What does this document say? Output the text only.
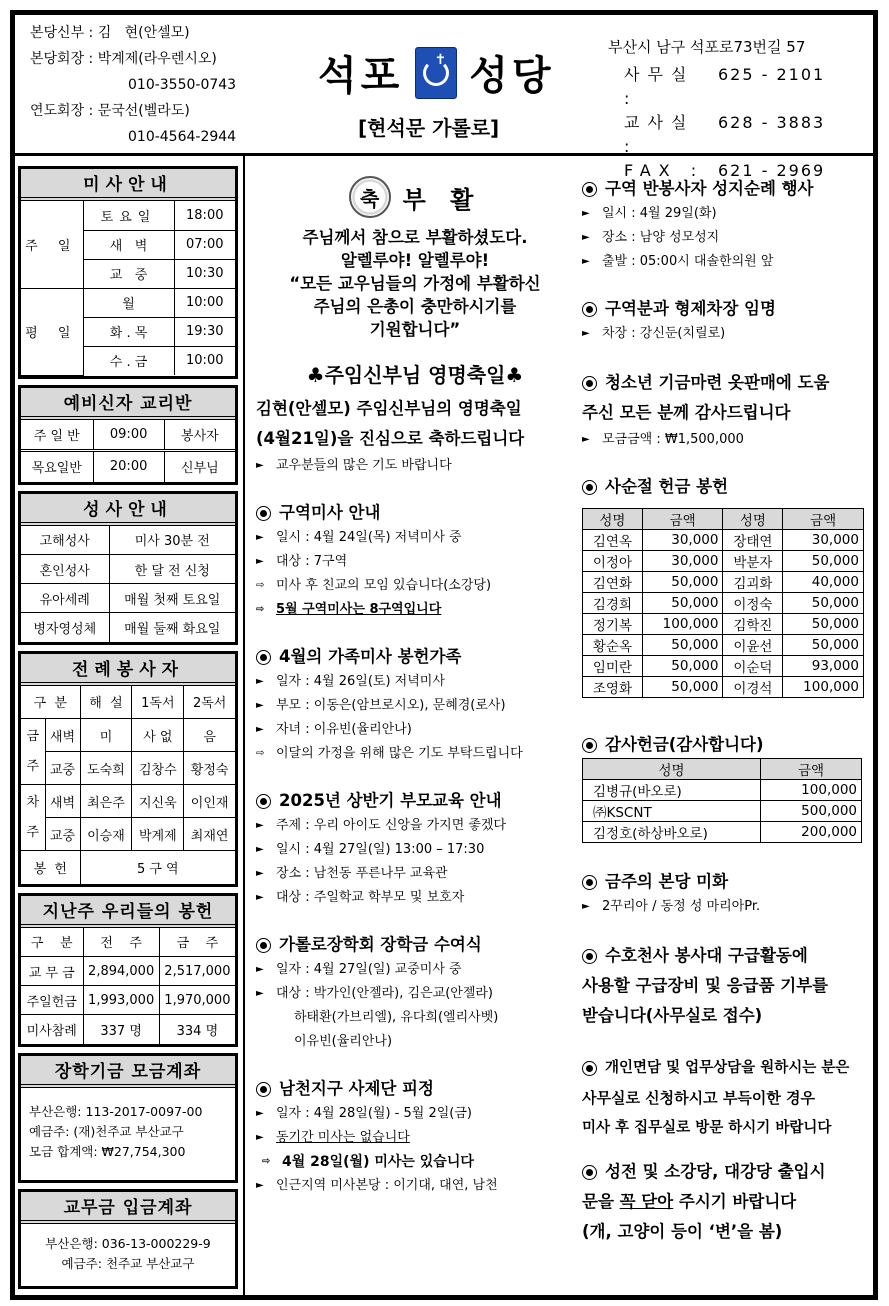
본당신부 : 김   현(안셀모)
본당회장 : 박계제(라우렌시오)
010-3550-0743
연도회장 : 문국선(벨라도)
010-4564-2944
석포 ✝ 성당
[현석문 가롤로]
부산시 남구 석포로73번길 57
사무실 :
625 - 2101
교사실 :
628 - 3883
FAX : 621 - 2969
미사안내
주 일	토요일	18:00
	새   벽	07:00
	교   중	10:30
평 일	월	10:00
	화 . 목	19:30
	수 . 금	10:00
예비신자 교리반
주 일 반	09:00	봉사자
목요일반	20:00	신부님
성사안내
고해성사	미사 30분 전
혼인성사	한 달 전 신청
유아세례	매월 첫째 토요일
병자영성체	매월 둘째 화요일
전례봉사자
구  분		해  설	1독서	2독서
금주	새벽	미	사 없	음
	교중	도숙희	김창수	황정숙
차주	새벽	최은주	지신욱	이인재
	교중	이승재	박계제	최재연
봉  헌		5 구 역		
지난주 우리들의 봉헌
구    분	전    주	금    주
교 무 금	2,894,000	2,517,000
주일헌금	1,993,000	1,970,000
미사참례	337 명	334 명
장학기금 모금계좌
부산은행: 113-2017-0097-00
예금주: (재)천주교 부산교구
모금 합계액: ₩27,754,300
교무금 입금계좌
부산은행: 036-13-000229-9
예금주: 천주교 부산교구
축 부 활
주님께서 참으로 부활하셨도다.
알렐루야! 알렐루야!
“모든 교우님들의 가정에 부활하신
주님의 은총이 충만하시기를
기원합니다”
♣주임신부님 영명축일♣
김현(안셀모) 주임신부님의 영명축일
(4월21일)을 진심으로 축하드립니다
► 교우분들의 많은 기도 바랍니다
구역미사 안내
► 일시 : 4월 24일(목) 저녁미사 중
► 대상 : 7구역
⇨ 미사 후 친교의 모임 있습니다(소강당)
⇨ 5월 구역미사는 8구역입니다
4월의 가족미사 봉헌가족
► 일자 : 4월 26일(토) 저녁미사
► 부모 : 이동은(암브로시오), 문혜경(로사)
► 자녀 : 이유빈(율리안나)
⇨ 이달의 가정을 위해 많은 기도 부탁드립니다
2025년 상반기 부모교육 안내
► 주제 : 우리 아이도 신앙을 가지면 좋겠다
► 일시 : 4월 27일(일) 13:00 – 17:30
► 장소 : 남천동 푸른나무 교육관
► 대상 : 주일학교 학부모 및 보호자
가롤로장학회 장학금 수여식
► 일자 : 4월 27일(일) 교중미사 중
► 대상 : 박가인(안젤라), 김은교(안젤라)
하태환(가브리엘), 유다희(엘리사벳)
이유빈(율리안나)
남천지구 사제단 피정
► 일자 : 4월 28일(월) - 5월 2일(금)
► 동기간 미사는 없습니다
⇨ 4월 28일(월) 미사는 있습니다
► 인근지역 미사본당 : 이기대, 대연, 남천
구역 반봉사자 성지순례 행사
► 일시 : 4월 29일(화)
► 장소 : 남양 성모성지
► 출발 : 05:00시 대솔한의원 앞
구역분과 형제차장 임명
► 차장 : 강신둔(치릴로)
청소년 기금마련 옷판매에 도움
주신 모든 분께 감사드립니다
► 모금금액 : ₩1,500,000
사순절 헌금 봉헌
성명	금액	성명	금액
김연옥	30,000	장태연	30,000
이정아	30,000	박분자	50,000
김연화	50,000	김괴화	40,000
김경희	50,000	이정숙	50,000
정기복	100,000	김학진	50,000
황순옥	50,000	이윤선	50,000
임미란	50,000	이순덕	93,000
조영화	50,000	이경석	100,000
감사헌금(감사합니다)
성명	금액
김병규(바오로)	100,000
㈜KSCNT	500,000
김정호(하상바오로)	200,000
금주의 본당 미화
► 2꾸리아 / 동정 성 마리아Pr.
수호천사 봉사대 구급활동에
사용할 구급장비 및 응급품 기부를
받습니다(사무실로 접수)
개인면담 및 업무상담을 원하시는 분은
사무실로 신청하시고 부득이한 경우
미사 후 집무실로 방문 하시기 바랍니다
성전 및 소강당, 대강당 출입시
문을 꼭 닫아 주시기 바랍니다
(개, 고양이 등이 ‘변’을 봄)
